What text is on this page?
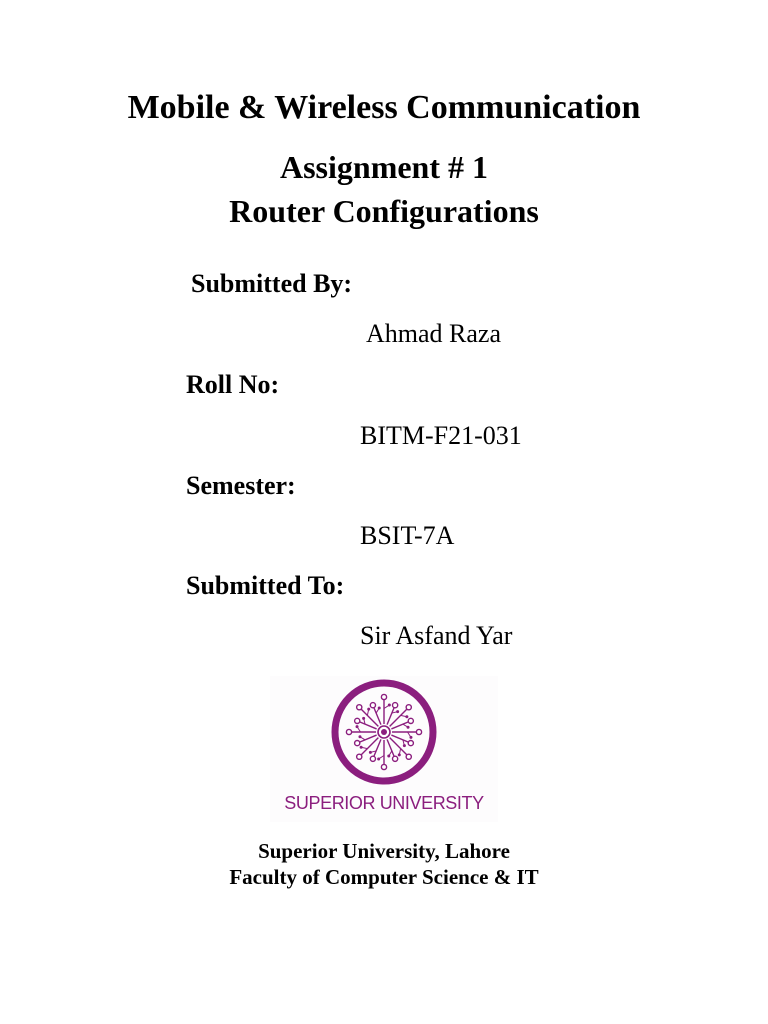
Mobile & Wireless Communication
Assignment # 1
Router Configurations
Submitted By:
Ahmad Raza
Roll No:
BITM-F21-031
Semester:
BSIT-7A
Submitted To:
Sir Asfand Yar
SUPERIOR UNIVERSITY
Superior University, Lahore
Faculty of Computer Science & IT
